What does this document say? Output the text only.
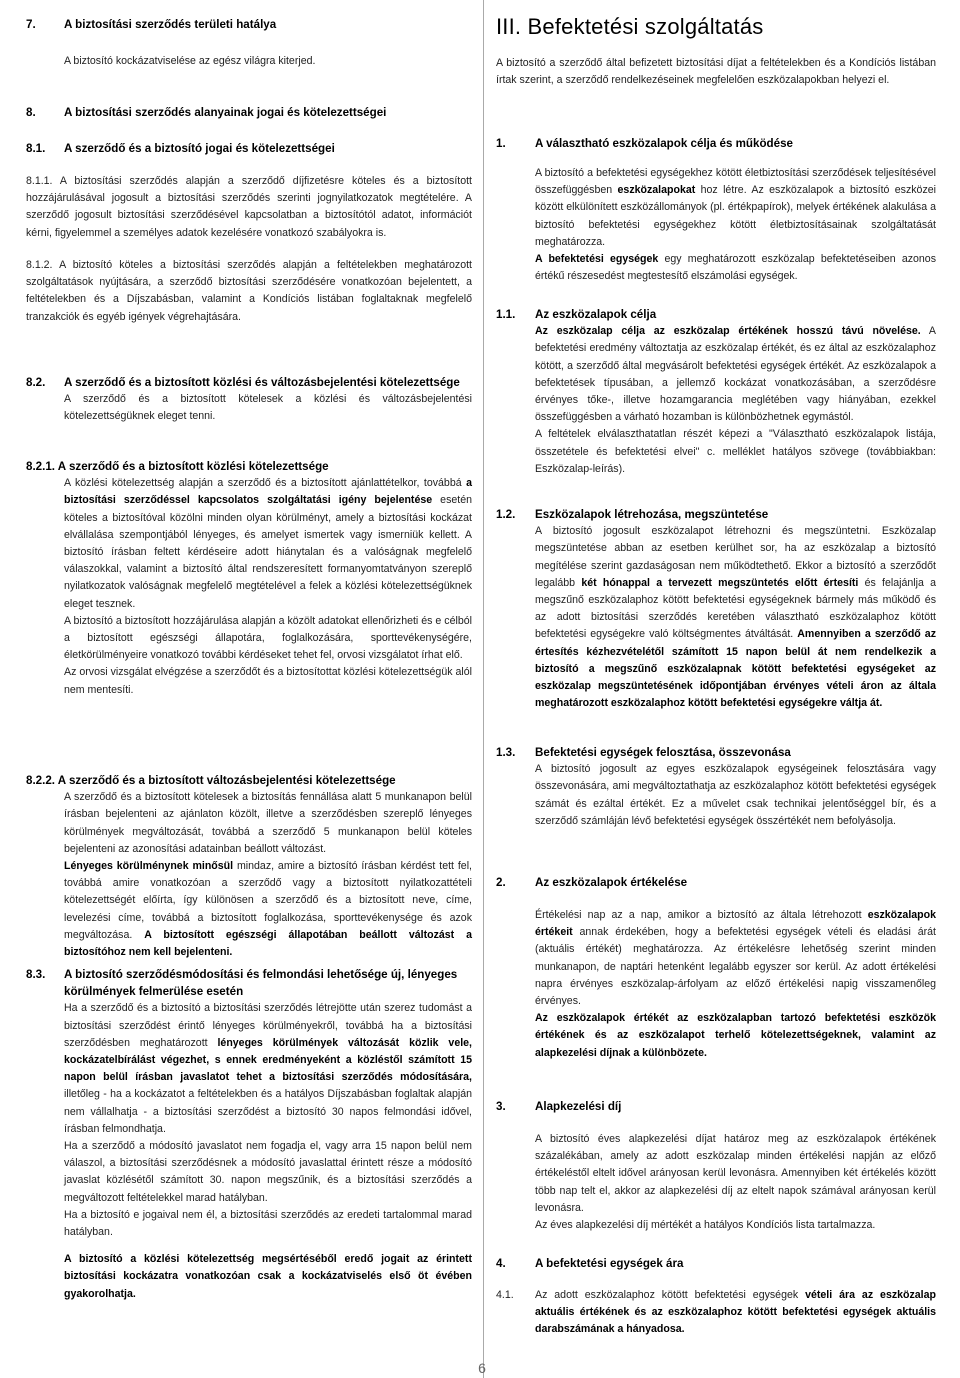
7. A biztosítási szerződés területi hatálya
A biztosító kockázatviselése az egész világra kiterjed.
8. A biztosítási szerződés alanyainak jogai és kötelezettségei
8.1. A szerződő és a biztosító jogai és kötelezettségei
8.1.1. A biztosítási szerződés alapján a szerződő díjfizetésre köteles és a biztosított hozzájárulásával jogosult a biztosítási szerződés szerinti jognyilatkozatok megtételére. A szerződő jogosult biztosítási szerződésével kapcsolatban a biztosítótól adatot, információt kérni, figyelemmel a személyes adatok kezelésére vonatkozó szabályokra is.
8.1.2. A biztosító köteles a biztosítási szerződés alapján a feltételekben meghatározott szolgáltatások nyújtására, a szerződő biztosítási szerződésére vonatkozóan bejelentett, a feltételekben és a Díjszabásban, valamint a Kondíciós listában foglaltaknak megfelelő tranzakciók és egyéb igények végrehajtására.
8.2. A szerződő és a biztosított közlési és változásbejelentési kötelezettsége
A szerződő és a biztosított kötelesek a közlési és változásbejelentési kötelezettségüknek eleget tenni.
8.2.1. A szerződő és a biztosított közlési kötelezettsége
A közlési kötelezettség alapján a szerződő és a biztosított ajánlattételkor, továbbá a biztosítási szerződéssel kapcsolatos szolgáltatási igény bejelentése esetén köteles a biztosítóval közölni minden olyan körülményt, amely a biztosítási kockázat elvállalása szempontjából lényeges, és amelyet ismertek vagy ismerniük kellett. A biztosító írásban feltett kérdéseire adott hiánytalan és a valóságnak megfelelő válaszokkal, valamint a biztosító által rendszeresített formanyomtatványon szereplő nyilatkozatok valóságnak megfelelő megtételével a felek a közlési kötelezettségüknek eleget tesznek.
A biztosító a biztosított hozzájárulása alapján a közölt adatokat ellenőrizheti és e célból a biztosított egészségi állapotára, foglalkozására, sporttevékenységére, életkörülményeire vonatkozó további kérdéseket tehet fel, orvosi vizsgálatot írhat elő.
Az orvosi vizsgálat elvégzése a szerződőt és a biztosítottat közlési kötelezettségük alól nem mentesíti.
8.2.2. A szerződő és a biztosított változásbejelentési kötelezettsége
A szerződő és a biztosított kötelesek a biztosítás fennállása alatt 5 munkanapon belül írásban bejelenteni az ajánlaton közölt, illetve a szerződésben szereplő lényeges körülmények megváltozását, továbbá a szerződő 5 munkanapon belül köteles bejelenteni az azonosítási adatainban beállott változást.
Lényeges körülménynek minősül mindaz, amire a biztosító írásban kérdést tett fel, továbbá amire vonatkozóan a szerződő vagy a biztosított nyilatkozattételi kötelezettségét előírta, így különösen a szerződő és a biztosított neve, címe, levelezési címe, továbbá a biztosított foglalkozása, sporttevékenysége és azok megváltozása. A biztosított egészségi állapotában beállott változást a biztosítóhoz nem kell bejelenteni.
8.3. A biztosító szerződésmódosítási és felmondási lehetősége új, lényeges körülmények felmerülése esetén
Ha a szerződő és a biztosító a biztosítási szerződés létrejötte után szerez tudomást a biztosítási szerződést érintő lényeges körülményekről, továbbá ha a biztosítási szerződésben meghatározott lényeges körülmények változását közlik vele, kockázatelbírálást végezhet, s ennek eredményeként a közléstől számított 15 napon belül írásban javaslatot tehet a biztosítási szerződés módosítására, illetőleg - ha a kockázatot a feltételekben és a hatályos Díjszabásban foglaltak alapján nem vállalhatja - a biztosítási szerződést a biztosító 30 napos felmondási idővel, írásban felmondhatja.
Ha a szerződő a módosító javaslatot nem fogadja el, vagy arra 15 napon belül nem válaszol, a biztosítási szerződésnek a módosító javaslattal érintett része a módosító javaslat közlésétől számított 30. napon megszűnik, és a biztosítási szerződés a megváltozott feltételekkel marad hatályban.
Ha a biztosító e jogaival nem él, a biztosítási szerződés az eredeti tartalommal marad hatályban.
A biztosító a közlési kötelezettség megsértéséből eredő jogait az érintett biztosítási kockázatra vonatkozóan csak a kockázatviselés első öt évében gyakorolhatja.
III. Befektetési szolgáltatás
A biztosító a szerződő által befizetett biztosítási díjat a feltételekben és a Kondíciós listában írtak szerint, a szerződő rendelkezéseinek megfelelően eszközalapokban helyezi el.
1.	A választható eszközalapok célja és működése
A biztosító a befektetési egységekhez kötött életbiztosítási szerződések teljesítésével összefüggésben eszközalapokat hoz létre. Az eszközalapok a biztosító eszközei között elkülönített eszközállományok (pl. értékpapírok), melyek értékének alakulása a biztosító befektetési egységekhez kötött életbiztosításainak szolgáltatását meghatározza.
A befektetési egységek egy meghatározott eszközalap befektetéseiben azonos értékű részesedést megtestesítő elszámolási egységek.
1.1. Az eszközalapok célja
Az eszközalap célja az eszközalap értékének hosszú távú növelése. A befektetési eredmény változtatja az eszközalap értékét, és ez által az eszközalaphoz kötött, a szerződő által megvásárolt befektetési egységek értékét. Az eszközalapok a befektetések típusában, a jellemző kockázat vonatkozásában, a szerződésre érvényes tőke-, illetve hozamgarancia meglétében vagy hiányában, ezekkel összefüggésben a várható hozamban is különbözhetnek egymástól.
A feltételek elválaszthatatlan részét képezi a "Választható eszközalapok listája, összetétele és befektetési elvei" c. melléklet hatályos szövege (továbbiakban: Eszközalap-leírás).
1.2. Eszközalapok létrehozása, megszüntetése
A biztosító jogosult eszközalapot létrehozni és megszüntetni. Eszközalap megszüntetése abban az esetben kerülhet sor, ha az eszközalap a biztosító megítélése szerint gazdaságosan nem működtethető. Ekkor a biztosító a szerződőt legalább két hónappal a tervezett megszüntetés előtt értesíti és felajánlja a megszűnő eszközalaphoz kötött befektetési egységeknek bármely más működő és az adott biztosítási szerződés keretében választható eszközalaphoz kötött befektetési egységekre való költségmentes átváltását. Amennyiben a szerződő az értesítés kézhezvételétől számított 15 napon belül át nem rendelkezik a biztosító a megszűnő eszközalapnak kötött befektetési egységeket az eszközalap megszüntetésének időpontjában érvényes vételi áron az általa meghatározott eszközalaphoz kötött befektetési egységekre váltja át.
1.3. Befektetési egységek felosztása, összevonása
A biztosító jogosult az egyes eszközalapok egységeinek felosztására vagy összevonására, ami megváltoztathatja az eszközalaphoz kötött befektetési egységek számát és ezáltal értékét. Ez a művelet csak technikai jelentőséggel bír, és a szerződő számláján lévő befektetési egységek összértékét nem befolyásolja.
2.	Az eszközalapok értékelése
Értékelési nap az a nap, amikor a biztosító az általa létrehozott eszközalapok értékeit annak érdekében, hogy a befektetési egységek vételi és eladási árát (aktuális értékét) meghatározza. Az értékelésre lehetőség szerint minden munkanapon, de naptári hetenként legalább egyszer sor kerül. Az adott értékelési napra érvényes eszközalap-árfolyam az előző értékelési napig visszamenőleg érvényes.
Az eszközalapok értékét az eszközalapban tartozó befektetési eszközök értékének és az eszközalapot terhelő kötelezettségeknek, valamint az alapkezelési díjnak a különbözete.
3.	Alapkezelési díj
A biztosító éves alapkezelési díjat határoz meg az eszközalapok értékének százalékában, amely az adott eszközalap minden értékelési napján az előző értékeléstől eltelt idővel arányosan kerül levonásra. Amennyiben két értékelés között több nap telt el, akkor az alapkezelési díj az eltelt napok számával arányosan kerül levonásra.
Az éves alapkezelési díj mértékét a hatályos Kondíciós lista tartalmazza.
4.	A befektetési egységek ára
4.1. Az adott eszközalaphoz kötött befektetési egységek vételi ára az eszközalap aktuális értékének és az eszközalaphoz kötött befektetési egységek aktuális darabszámának a hányadosa.
6
